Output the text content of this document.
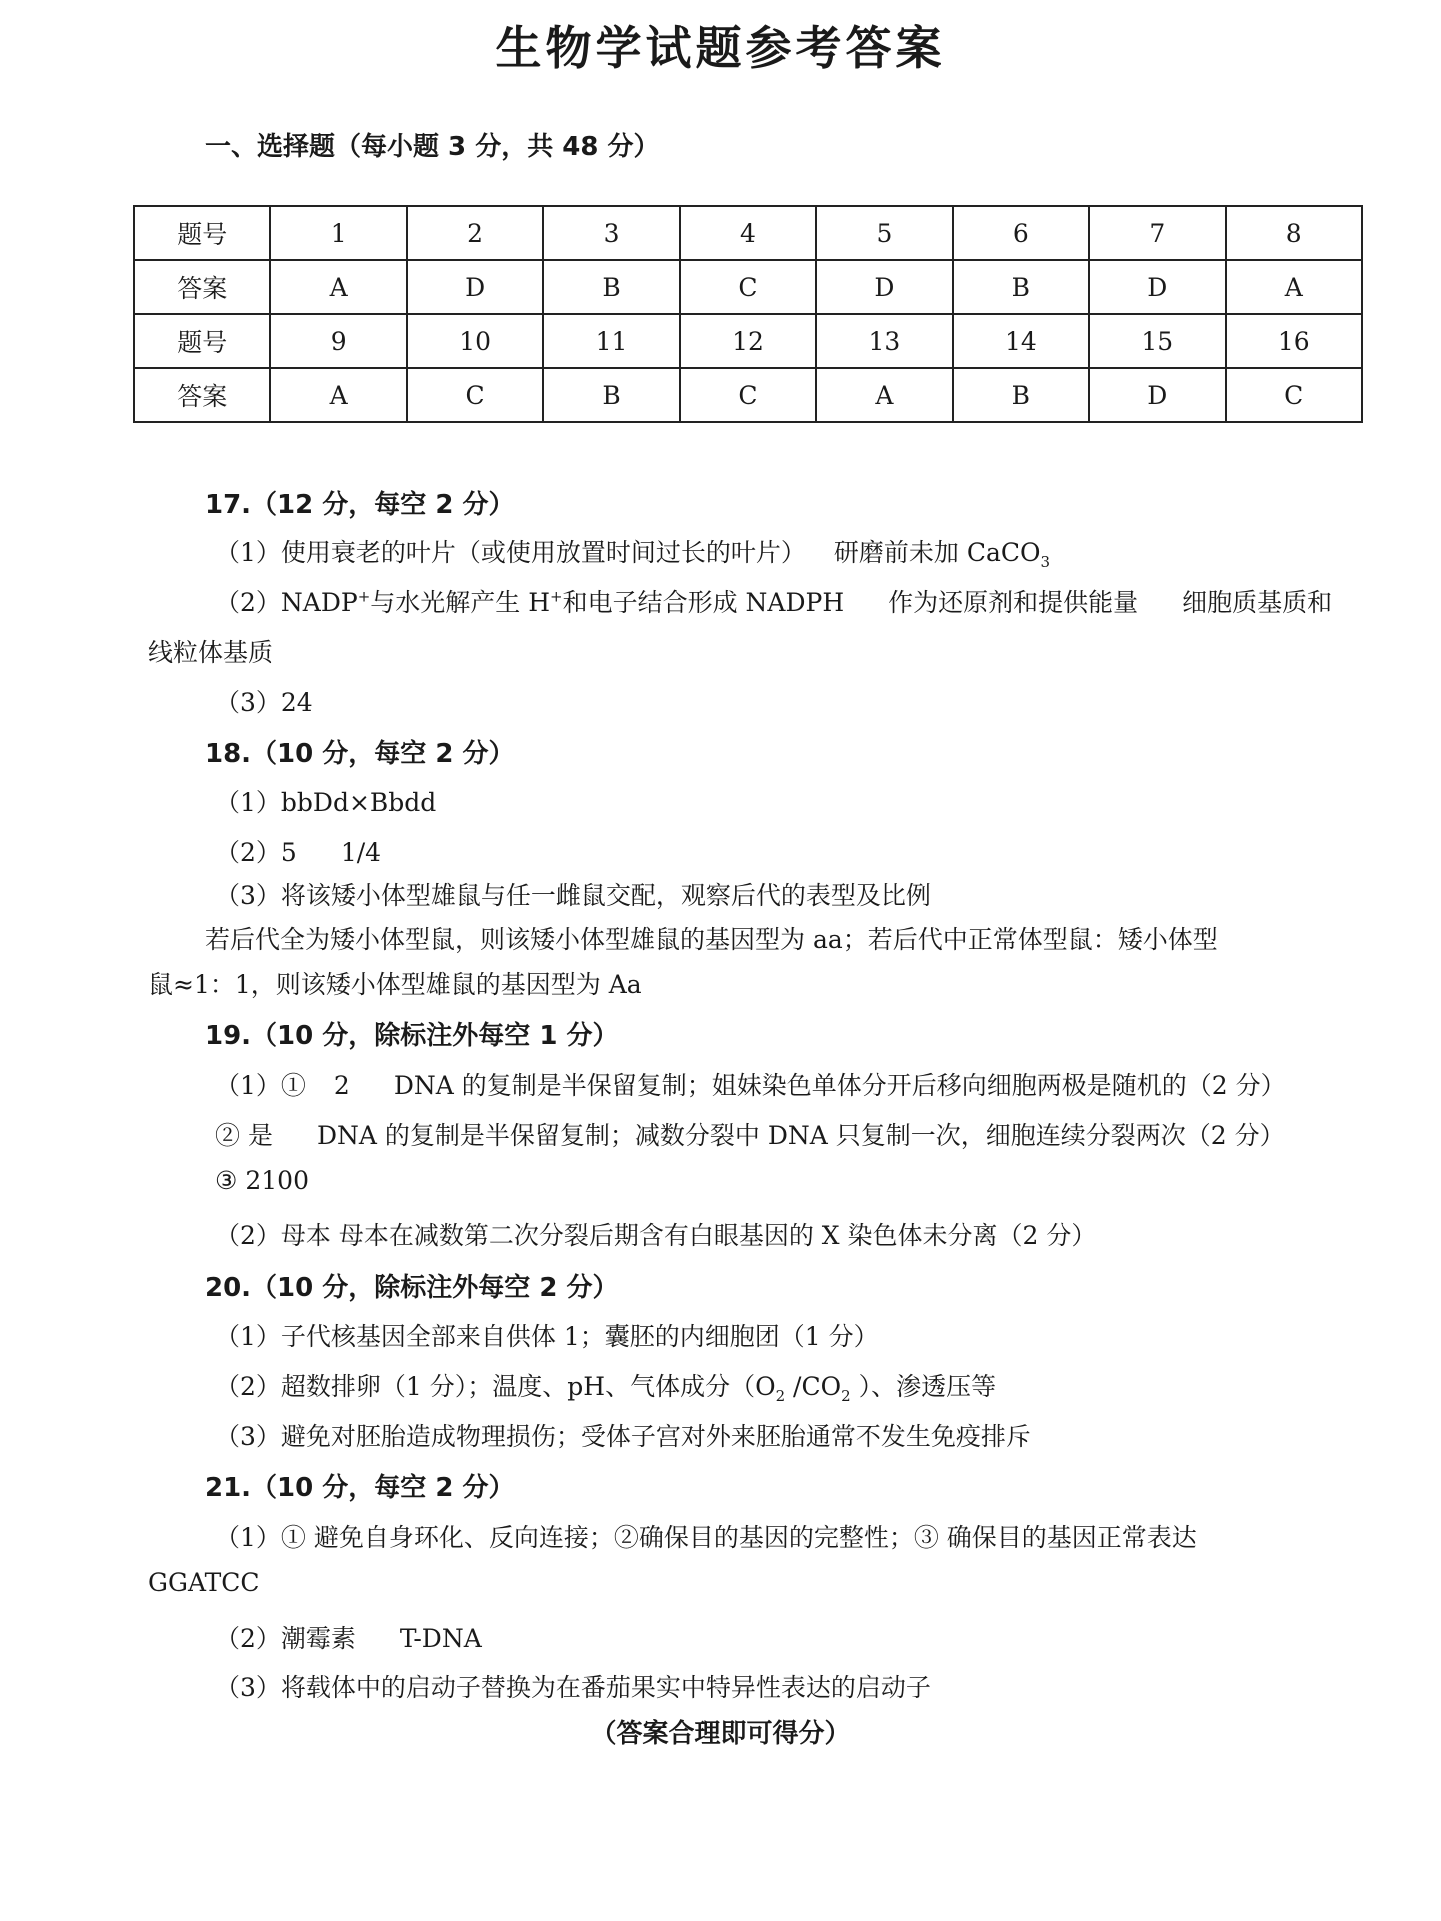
生物学试题参考答案
一、选择题（每小题 3 分，共 48 分）
题号	1	2	3	4	5	6	7	8
答案	A	D	B	C	D	B	D	A
题号	9	10	11	12	13	14	15	16
答案	A	C	B	C	A	B	D	C
17.（12 分，每空 2 分）
（1）使用衰老的叶片（或使用放置时间过长的叶片） 研磨前未加 CaCO$_3$
（2）NADP+与水光解产生 H+和电子结合形成 NADPH 作为还原剂和提供能量 细胞质基质和
线粒体基质
（3）24
18.（10 分，每空 2 分）
（1）bbDd×Bbdd
（2）5 1/4
（3）将该矮小体型雄鼠与任一雌鼠交配，观察后代的表型及比例
若后代全为矮小体型鼠，则该矮小体型雄鼠的基因型为 aa；若后代中正常体型鼠：矮小体型
鼠≈1：1，则该矮小体型雄鼠的基因型为 Aa
19.（10 分，除标注外每空 1 分）
（1）① 2 DNA 的复制是半保留复制；姐妹染色单体分开后移向细胞两极是随机的（2 分）
② 是 DNA 的复制是半保留复制；减数分裂中 DNA 只复制一次，细胞连续分裂两次（2 分）
③ 2100
（2）母本 母本在减数第二次分裂后期含有白眼基因的 X 染色体未分离（2 分）
20.（10 分，除标注外每空 2 分）
（1）子代核基因全部来自供体 1；囊胚的内细胞团（1 分）
（2）超数排卵（1 分）；温度、pH、气体成分（$O_2$ $/CO_2$ ）、渗透压等
（3）避免对胚胎造成物理损伤；受体子宫对外来胚胎通常不发生免疫排斥
21.（10 分，每空 2 分）
（1）① 避免自身环化、反向连接；②确保目的基因的完整性；③ 确保目的基因正常表达
GGATCC
（2）潮霉素 T-DNA
（3）将载体中的启动子替换为在番茄果实中特异性表达的启动子
（答案合理即可得分）
